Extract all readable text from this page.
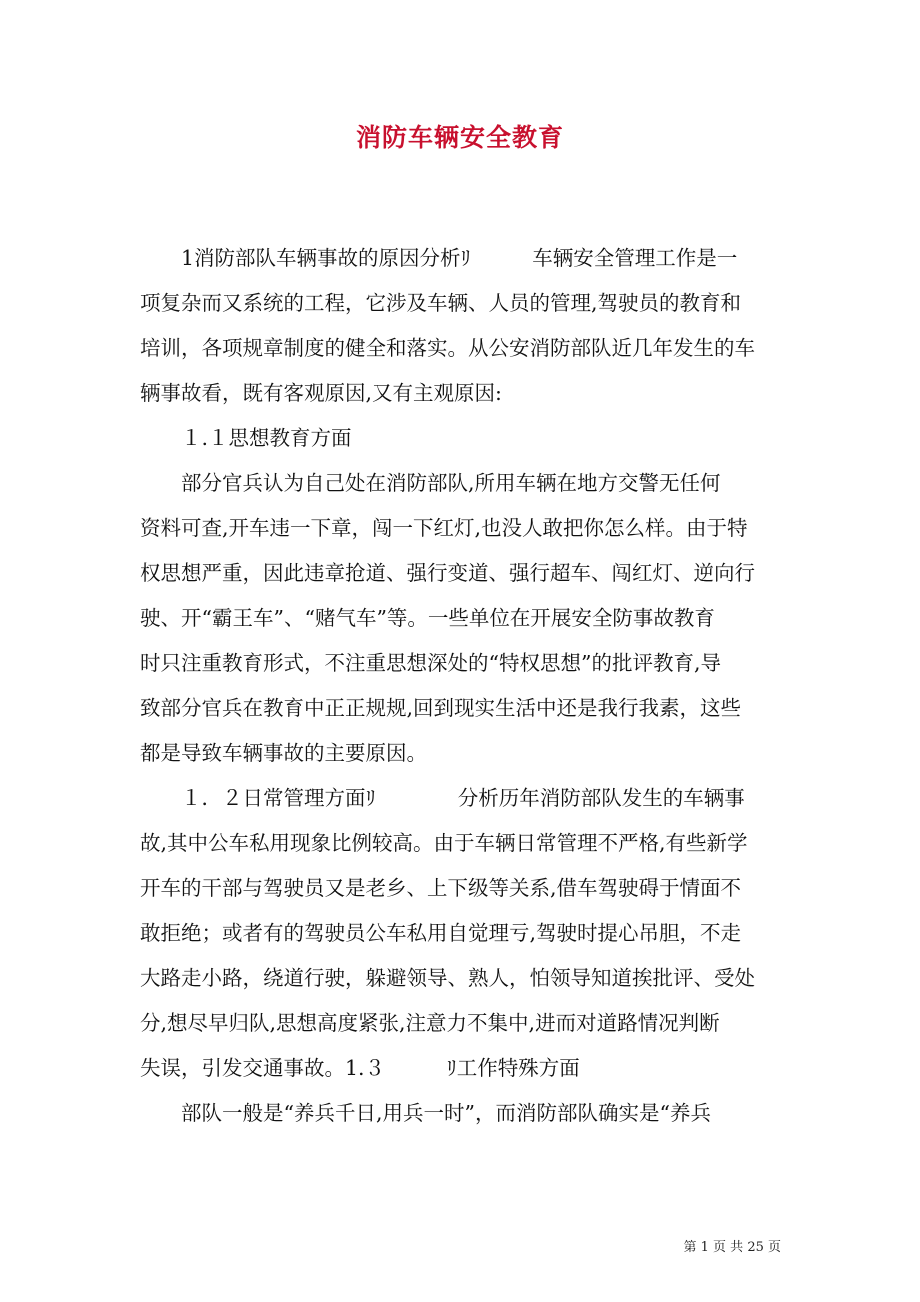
消防车辆安全教育
　　1消防部队车辆事故的原因分析ﾘ　　　车辆安全管理工作是一
项复杂而又系统的工程，它涉及车辆、人员的管理,驾驶员的教育和
培训，各项规章制度的健全和落实。从公安消防部队近几年发生的车
辆事故看，既有客观原因,又有主观原因:
　　１.１思想教育方面
　　部分官兵认为自己处在消防部队,所用车辆在地方交警无任何
资料可查,开车违一下章，闯一下红灯,也没人敢把你怎么样。由于特
权思想严重，因此违章抢道、强行变道、强行超车、闯红灯、逆向行
驶、开“霸王车”、“赌气车”等。一些单位在开展安全防事故教育
时只注重教育形式，不注重思想深处的“特权思想”的批评教育,导
致部分官兵在教育中正正规规,回到现实生活中还是我行我素，这些
都是导致车辆事故的主要原因。
　　１．２日常管理方面ﾘ　　　　分析历年消防部队发生的车辆事
故,其中公车私用现象比例较高。由于车辆日常管理不严格,有些新学
开车的干部与驾驶员又是老乡、上下级等关系,借车驾驶碍于情面不
敢拒绝；或者有的驾驶员公车私用自觉理亏,驾驶时提心吊胆，不走
大路走小路，绕道行驶，躲避领导、熟人，怕领导知道挨批评、受处
分,想尽早归队,思想高度紧张,注意力不集中,进而对道路情况判断
失误，引发交通事故。1.３　　　ﾘ工作特殊方面
　　部队一般是“养兵千日,用兵一时”，而消防部队确实是“养兵
第 1 页 共 25 页
